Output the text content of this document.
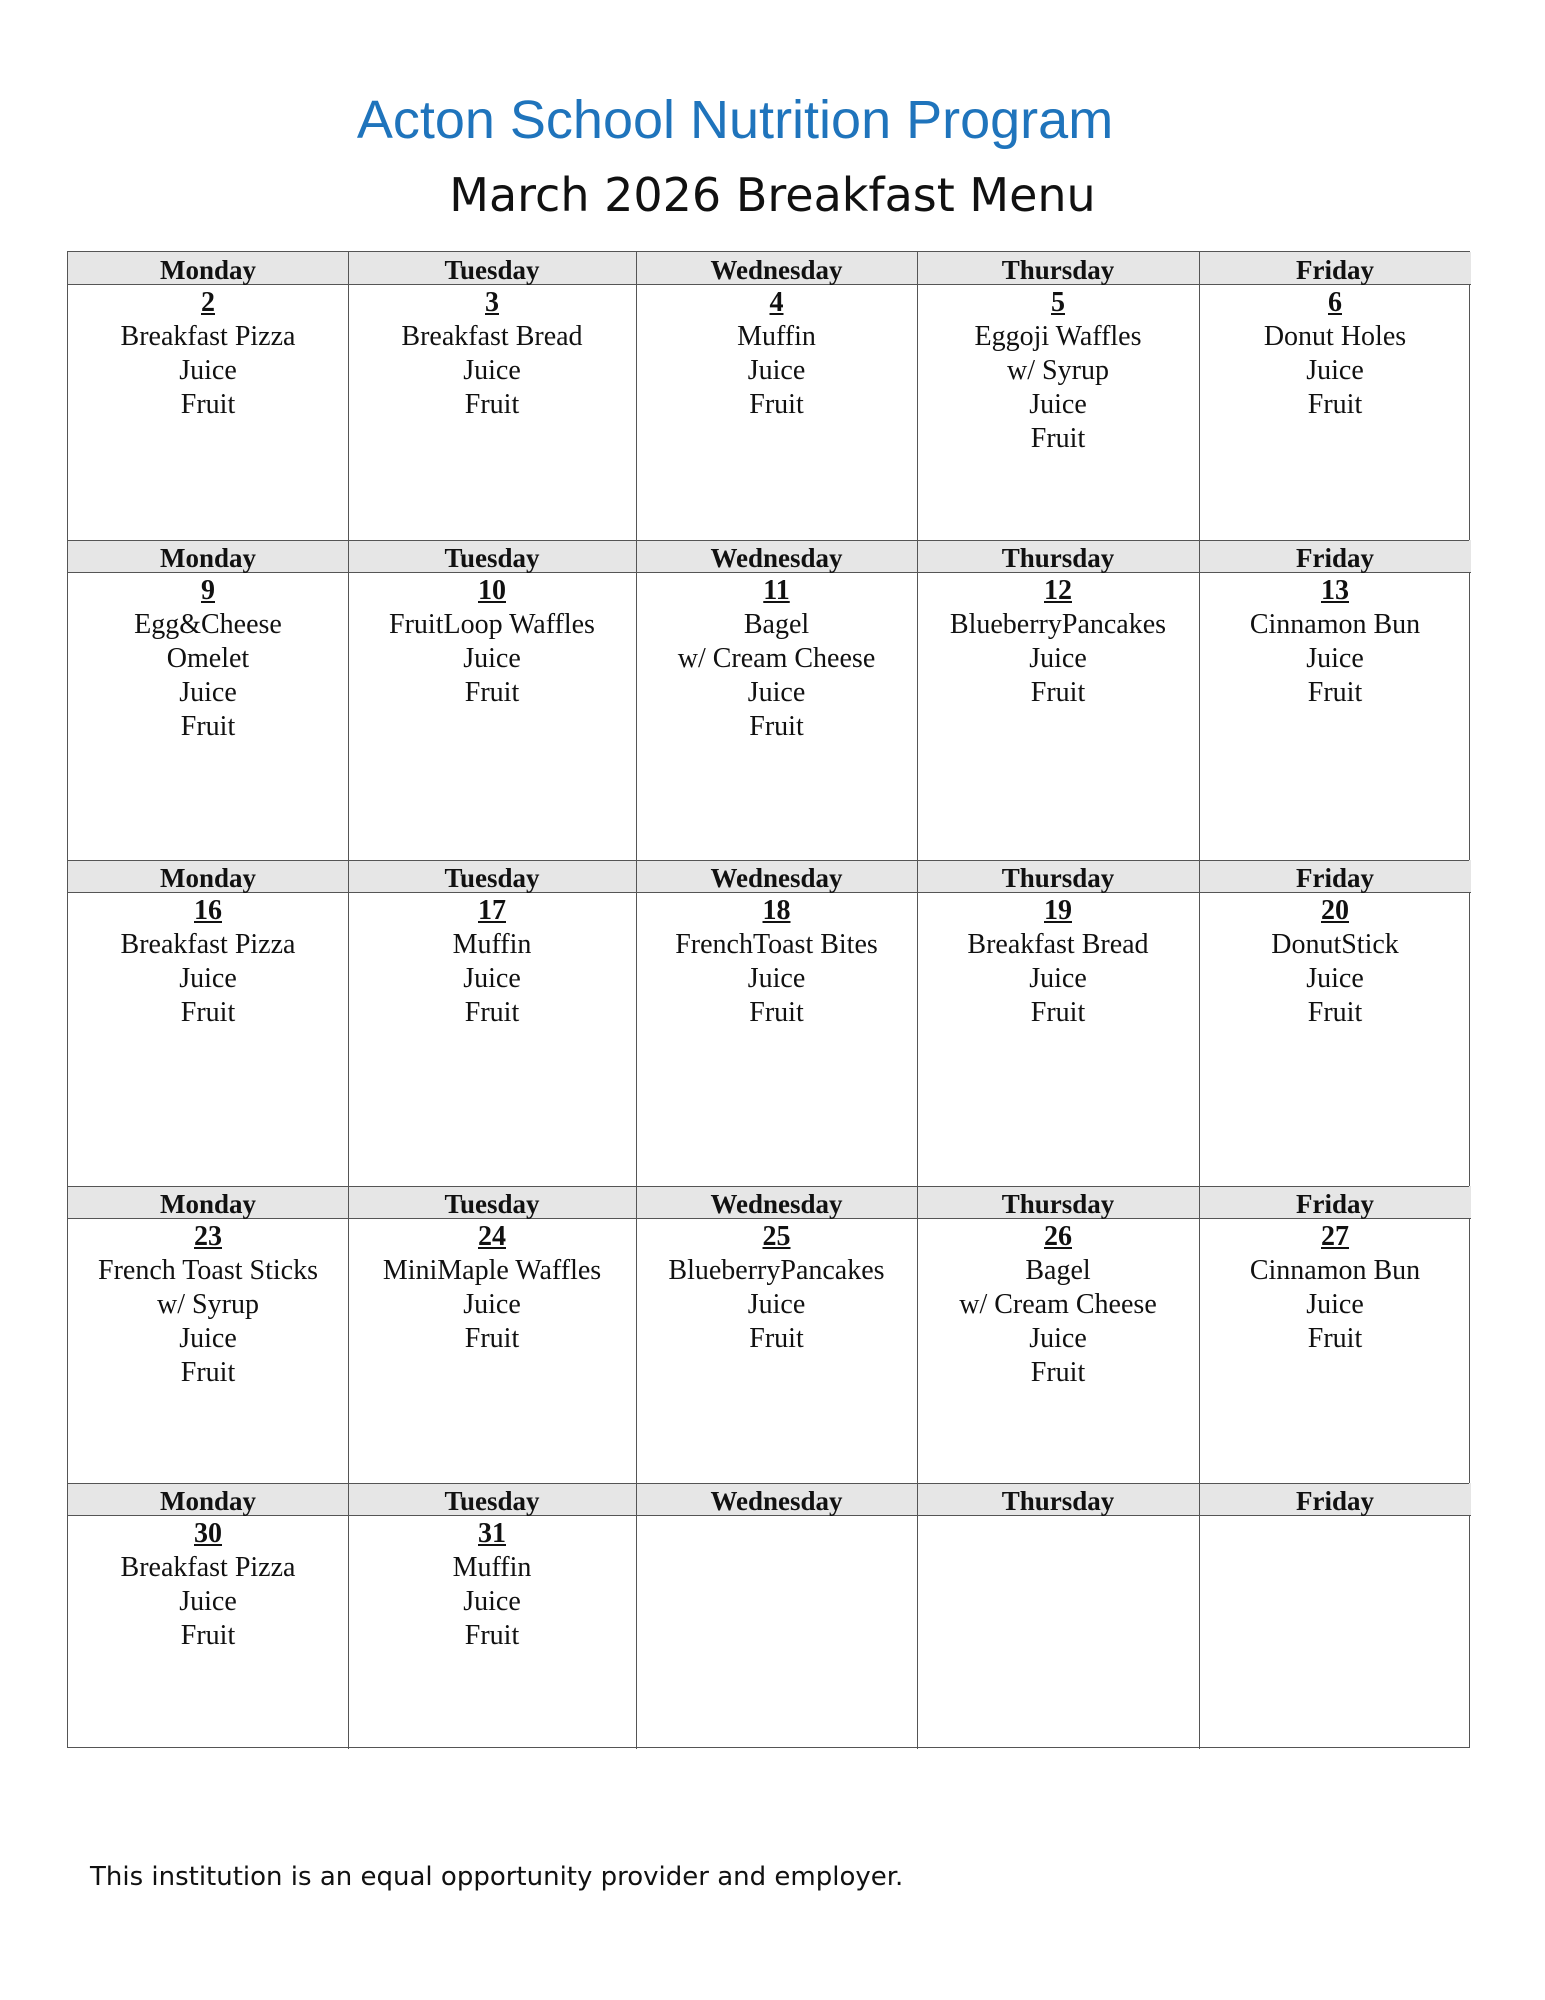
Acton School Nutrition Program
March 2026 Breakfast Menu
Monday
2
Breakfast Pizza
Juice
Fruit
Tuesday
3
Breakfast Bread
Juice
Fruit
Wednesday
4
Muffin
Juice
Fruit
Thursday
5
Eggoji Waffles
w/ Syrup
Juice
Fruit
Friday
6
Donut Holes
Juice
Fruit
Monday
9
Egg&Cheese
Omelet
Juice
Fruit
Tuesday
10
FruitLoop Waffles
Juice
Fruit
Wednesday
11
Bagel
w/ Cream Cheese
Juice
Fruit
Thursday
12
BlueberryPancakes
Juice
Fruit
Friday
13
Cinnamon Bun
Juice
Fruit
Monday
16
Breakfast Pizza
Juice
Fruit
Tuesday
17
Muffin
Juice
Fruit
Wednesday
18
FrenchToast Bites
Juice
Fruit
Thursday
19
Breakfast Bread
Juice
Fruit
Friday
20
DonutStick
Juice
Fruit
Monday
23
French Toast Sticks
w/ Syrup
Juice
Fruit
Tuesday
24
MiniMaple Waffles
Juice
Fruit
Wednesday
25
BlueberryPancakes
Juice
Fruit
Thursday
26
Bagel
w/ Cream Cheese
Juice
Fruit
Friday
27
Cinnamon Bun
Juice
Fruit
Monday
30
Breakfast Pizza
Juice
Fruit
Tuesday
31
Muffin
Juice
Fruit
Wednesday	Thursday	Friday
This institution is an equal opportunity provider and employer.
